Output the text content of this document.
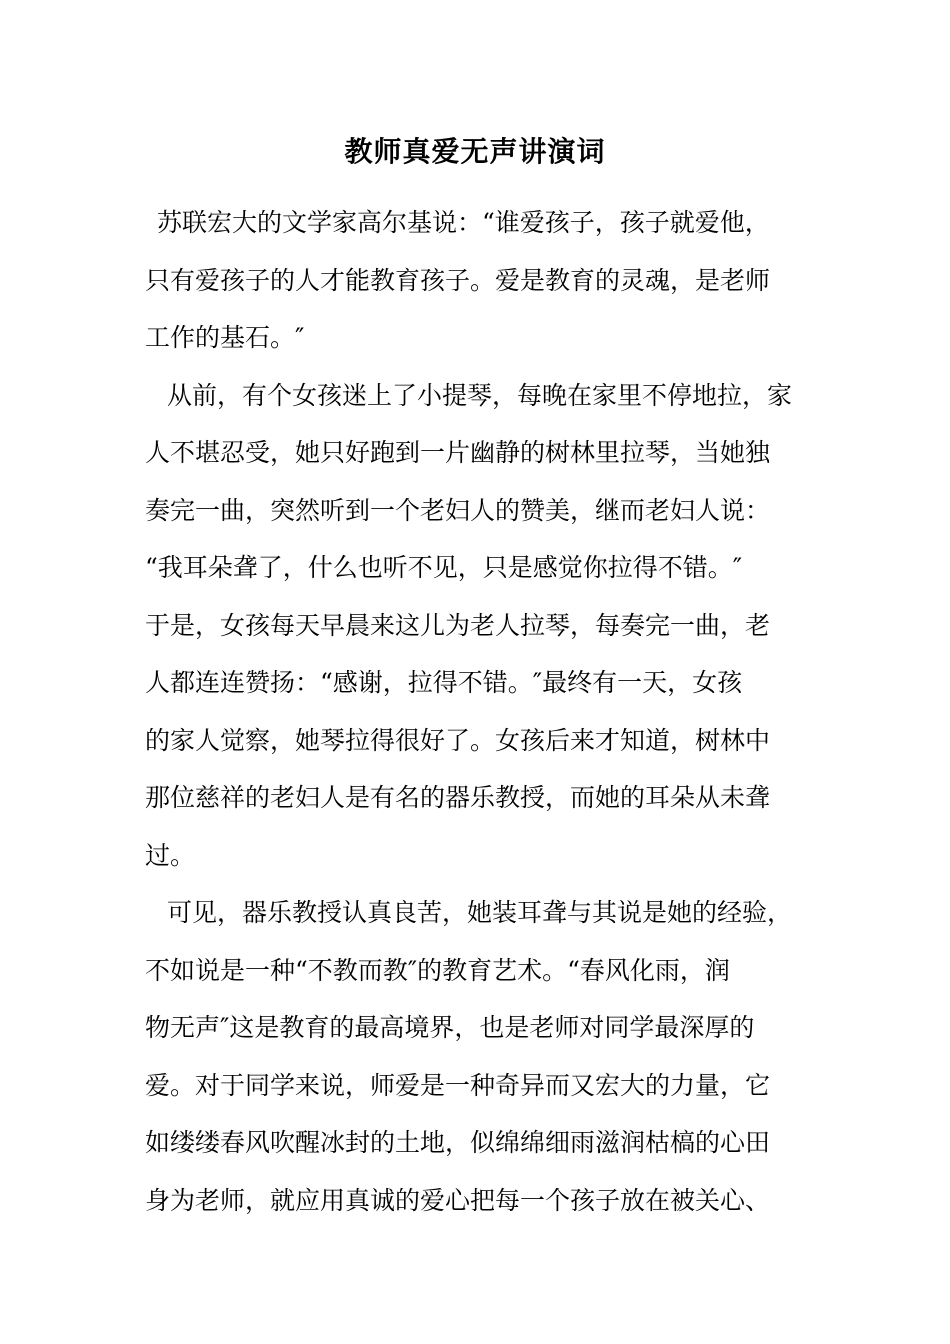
教师真爱无声讲演词
苏联宏大的文学家高尔基说：“谁爱孩子，孩子就爱他，
只有爱孩子的人才能教育孩子。爱是教育的灵魂，是老师
工作的基石。″
从前，有个女孩迷上了小提琴，每晚在家里不停地拉，家
人不堪忍受，她只好跑到一片幽静的树林里拉琴，当她独
奏完一曲，突然听到一个老妇人的赞美，继而老妇人说：
“我耳朵聋了，什么也听不见，只是感觉你拉得不错。″
于是，女孩每天早晨来这儿为老人拉琴，每奏完一曲，老
人都连连赞扬：“感谢，拉得不错。″最终有一天，女孩
的家人觉察，她琴拉得很好了。女孩后来才知道，树林中
那位慈祥的老妇人是有名的器乐教授，而她的耳朵从未聋
过。
可见，器乐教授认真良苦，她装耳聋与其说是她的经验，
不如说是一种“不教而教″的教育艺术。“春风化雨，润
物无声″这是教育的最高境界，也是老师对同学最深厚的
爱。对于同学来说，师爱是一种奇异而又宏大的力量，它
如缕缕春风吹醒冰封的土地，似绵绵细雨滋润枯槁的心田
身为老师，就应用真诚的爱心把每一个孩子放在被关心、
